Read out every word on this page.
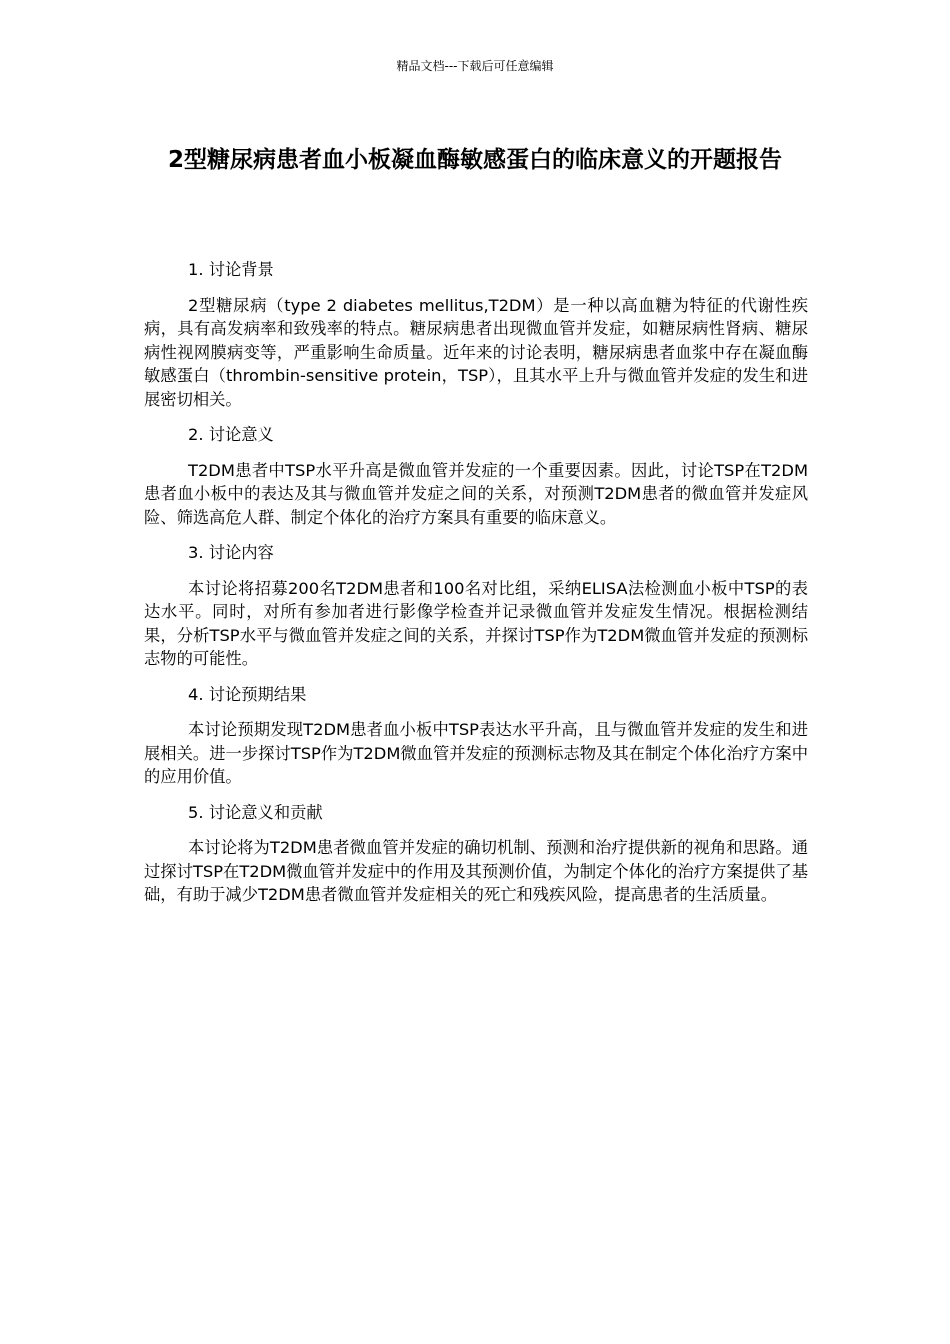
精品文档---下载后可任意编辑
2型糖尿病患者血小板凝血酶敏感蛋白的临床意义的开题报告

1. 讨论背景

2型糖尿病（type 2 diabetes mellitus,T2DM）是一种以高血糖为特征的代谢性疾病，具有高发病率和致残率的特点。糖尿病患者出现微血管并发症，如糖尿病性肾病、糖尿病性视网膜病变等，严重影响生命质量。近年来的讨论表明，糖尿病患者血浆中存在凝血酶敏感蛋白（thrombin-sensitive protein，TSP），且其水平上升与微血管并发症的发生和进展密切相关。

2. 讨论意义

T2DM患者中TSP水平升高是微血管并发症的一个重要因素。因此，讨论TSP在T2DM患者血小板中的表达及其与微血管并发症之间的关系，对预测T2DM患者的微血管并发症风险、筛选高危人群、制定个体化的治疗方案具有重要的临床意义。

3. 讨论内容

本讨论将招募200名T2DM患者和100名对比组，采纳ELISA法检测血小板中TSP的表达水平。同时，对所有参加者进行影像学检查并记录微血管并发症发生情况。根据检测结果，分析TSP水平与微血管并发症之间的关系，并探讨TSP作为T2DM微血管并发症的预测标志物的可能性。

4. 讨论预期结果

本讨论预期发现T2DM患者血小板中TSP表达水平升高，且与微血管并发症的发生和进展相关。进一步探讨TSP作为T2DM微血管并发症的预测标志物及其在制定个体化治疗方案中的应用价值。

5. 讨论意义和贡献

本讨论将为T2DM患者微血管并发症的确切机制、预测和治疗提供新的视角和思路。通过探讨TSP在T2DM微血管并发症中的作用及其预测价值，为制定个体化的治疗方案提供了基础，有助于减少T2DM患者微血管并发症相关的死亡和残疾风险，提高患者的生活质量。
